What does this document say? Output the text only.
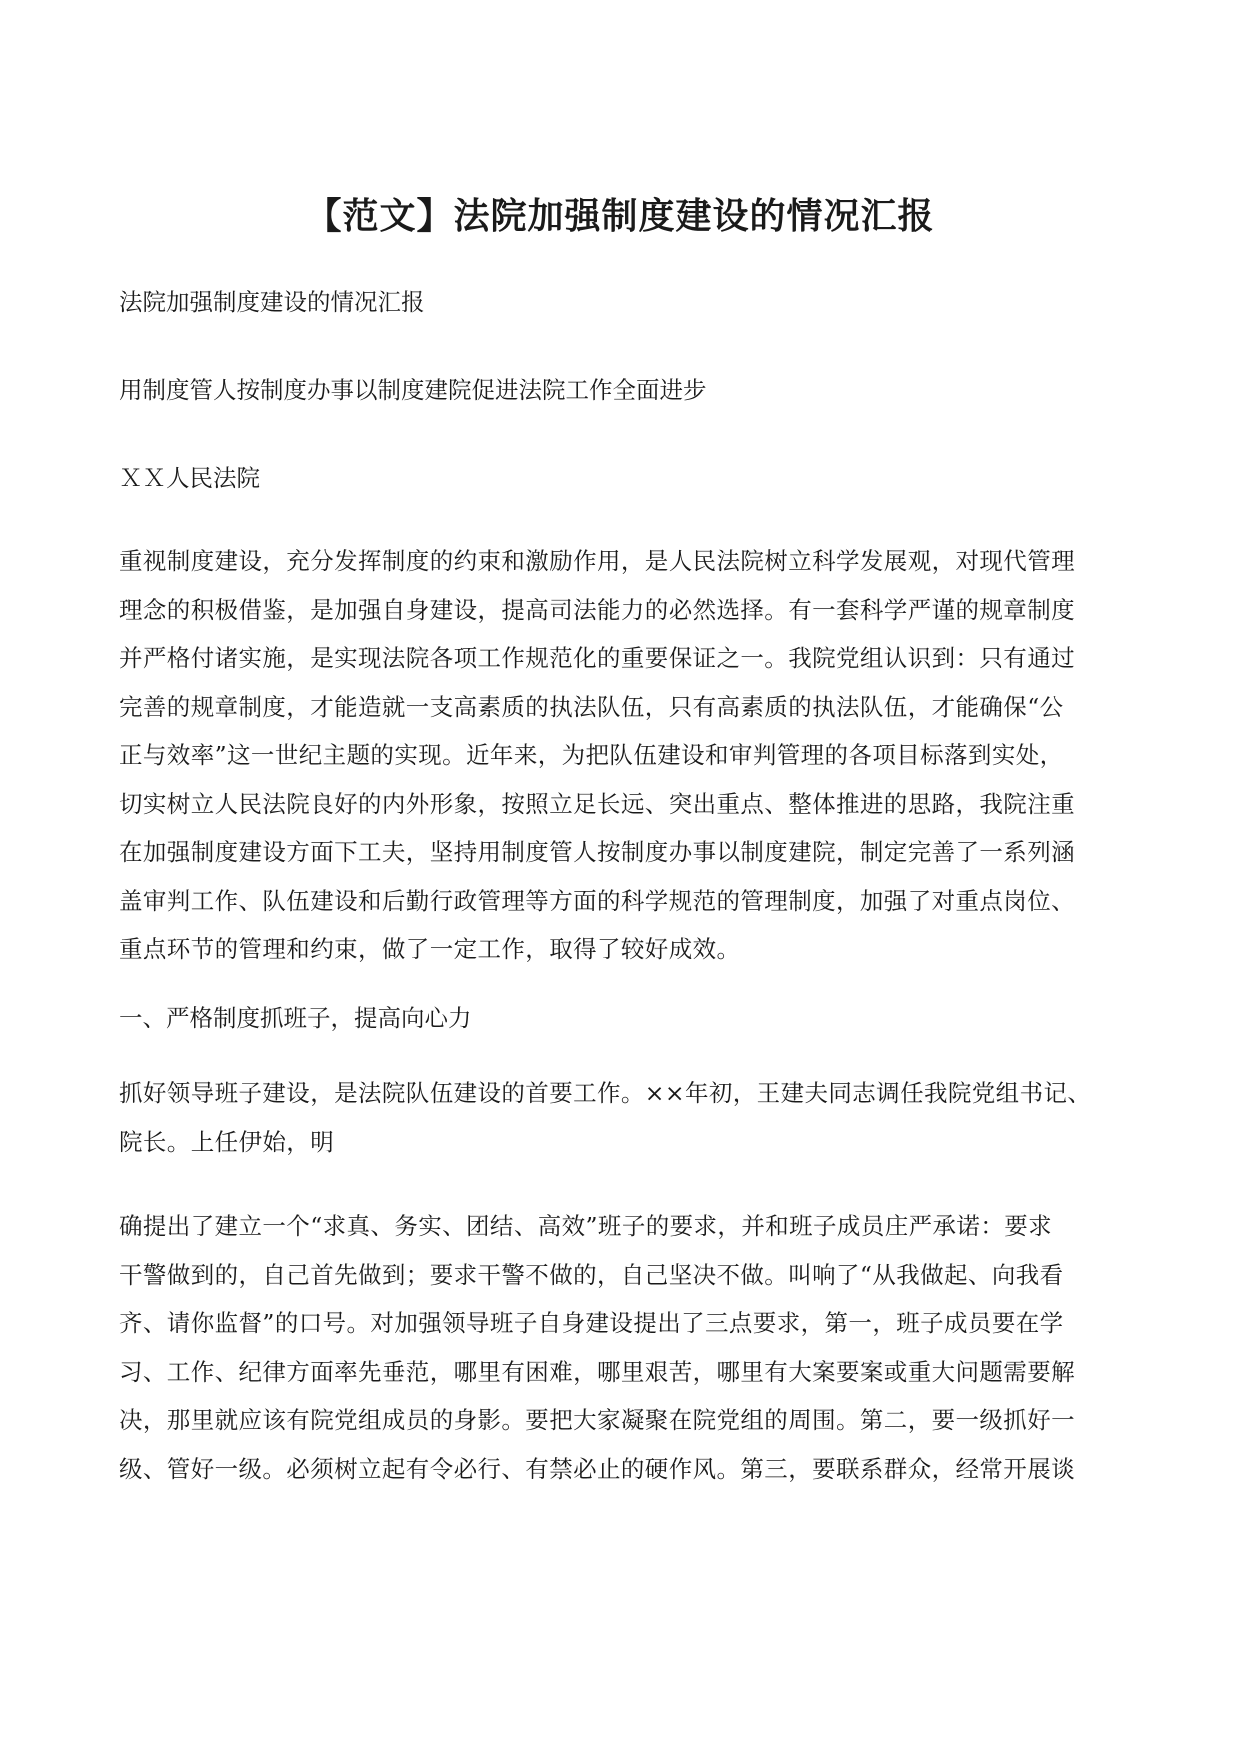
【范文】法院加强制度建设的情况汇报
法院加强制度建设的情况汇报
用制度管人按制度办事以制度建院促进法院工作全面进步
ＸＸ人民法院
重视制度建设，充分发挥制度的约束和激励作用，是人民法院树立科学发展观，对现代管理
理念的积极借鉴，是加强自身建设，提高司法能力的必然选择。有一套科学严谨的规章制度
并严格付诸实施，是实现法院各项工作规范化的重要保证之一。我院党组认识到：只有通过
完善的规章制度，才能造就一支高素质的执法队伍，只有高素质的执法队伍，才能确保“公
正与效率”这一世纪主题的实现。近年来，为把队伍建设和审判管理的各项目标落到实处，
切实树立人民法院良好的内外形象，按照立足长远、突出重点、整体推进的思路，我院注重
在加强制度建设方面下工夫，坚持用制度管人按制度办事以制度建院，制定完善了一系列涵
盖审判工作、队伍建设和后勤行政管理等方面的科学规范的管理制度，加强了对重点岗位、
重点环节的管理和约束，做了一定工作，取得了较好成效。
一、严格制度抓班子，提高向心力
抓好领导班子建设，是法院队伍建设的首要工作。××年初，王建夫同志调任我院党组书记、
院长。上任伊始，明
确提出了建立一个“求真、务实、团结、高效”班子的要求，并和班子成员庄严承诺：要求
干警做到的，自己首先做到；要求干警不做的，自己坚决不做。叫响了“从我做起、向我看
齐、请你监督”的口号。对加强领导班子自身建设提出了三点要求，第一，班子成员要在学
习、工作、纪律方面率先垂范，哪里有困难，哪里艰苦，哪里有大案要案或重大问题需要解
决，那里就应该有院党组成员的身影。要把大家凝聚在院党组的周围。第二，要一级抓好一
级、管好一级。必须树立起有令必行、有禁必止的硬作风。第三，要联系群众，经常开展谈
